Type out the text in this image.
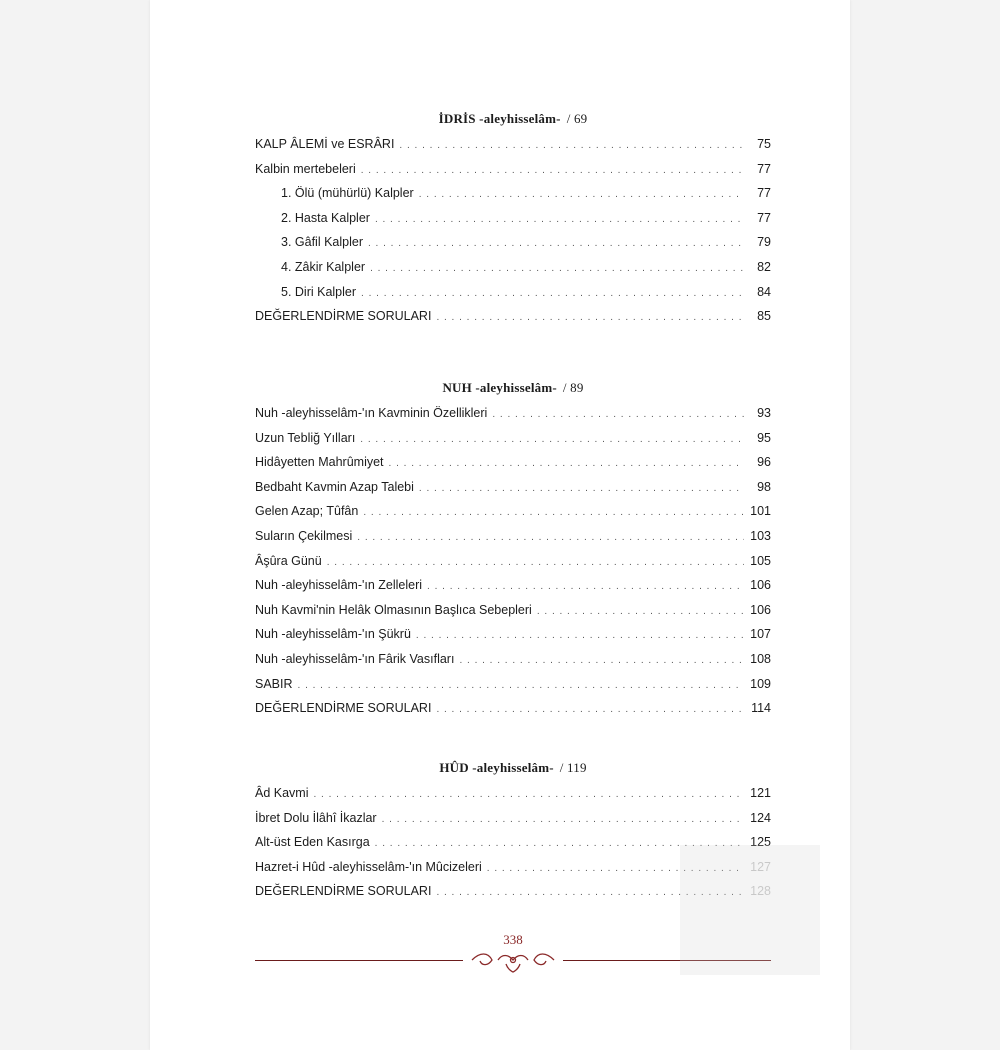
İDRİS -aleyhisselâm- / 69
KALP ÂLEMİ ve ESRÂRI . . .	75
Kalbin mertebeleri . . .	77
1. Ölü (mühürlü) Kalpler . . .	77
2. Hasta Kalpler . . .	77
3. Gâfil Kalpler . . .	79
4. Zâkir Kalpler . . .	82
5. Diri Kalpler . . .	84
DEĞERLENDİRME SORULARI . . .	85
NUH -aleyhisselâm- / 89
Nuh -aleyhisselâm-'ın Kavminin Özellikleri . . .	93
Uzun Tebliğ Yılları . . .	95
Hidâyetten Mahrûmiyet . . .	96
Bedbaht Kavmin Azap Talebi . . .	98
Gelen Azap; Tûfân . . .	101
Suların Çekilmesi . . .	103
Âşûra Günü . . .	105
Nuh -aleyhisselâm-'ın Zelleleri . . .	106
Nuh Kavmi'nin Helâk Olmasının Başlıca Sebepleri . . .	106
Nuh -aleyhisselâm-'ın Şükrü . . .	107
Nuh -aleyhisselâm-'ın Fârik Vasıfları . . .	108
SABIR . . .	109
DEĞERLENDİRME SORULARI . . .	114
HÛD -aleyhisselâm- / 119
Âd Kavmi . . .	121
İbret Dolu İlâhî İkazlar . . .	124
Alt-üst Eden Kasırga . . .	125
Hazret-i Hûd -aleyhisselâm-'ın Mûcizeleri . . .	127
DEĞERLENDİRME SORULARI . . .	128
338
